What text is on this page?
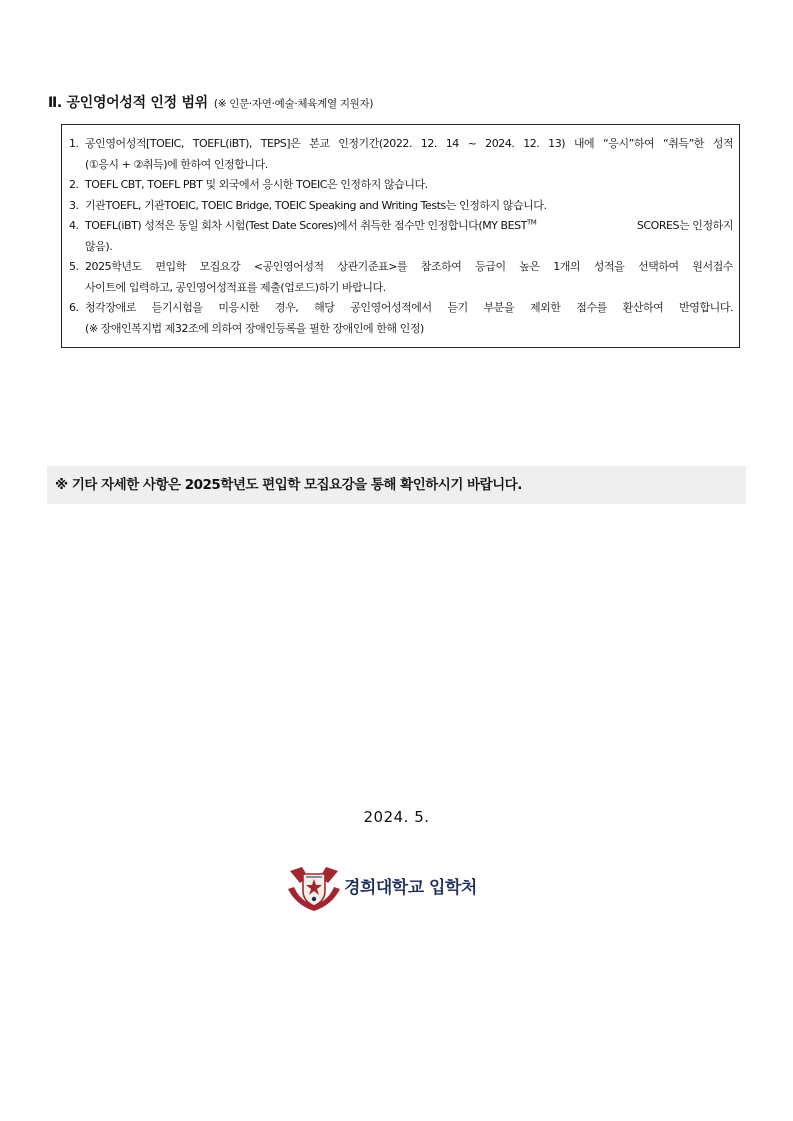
Ⅱ. 공인영어성적 인정 범위 (※ 인문·자연·예술·체육계열 지원자)
1. 공인영어성적[TOEIC, TOEFL(iBT), TEPS]은 본교 인정기간(2022. 12. 14 ~ 2024. 12. 13) 내에 “응시”하여 “취득”한 성적
(①응시 + ②취득)에 한하여 인정합니다.
2. TOEFL CBT, TOEFL PBT 및 외국에서 응시한 TOEIC은 인정하지 않습니다.
3. 기관TOEFL, 기관TOEIC, TOEIC Bridge, TOEIC Speaking and Writing Tests는 인정하지 않습니다.
4. TOEFL(iBT) 성적은 동일 회차 시험(Test Date Scores)에서 취득한 점수만 인정합니다(MY BEST™	SCORES는 인정하지
않음).
5. 2025학년도 편입학 모집요강 <공인영어성적 상관기준표>를 참조하여 등급이 높은 1개의 성적을 선택하여 원서접수
사이트에 입력하고, 공인영어성적표를 제출(업로드)하기 바랍니다.
6. 청각장애로 듣기시험을 미응시한 경우, 해당 공인영어성적에서 듣기 부분을 제외한 점수를 환산하여 반영합니다.
(※ 장애인복지법 제32조에 의하여 장애인등록을 필한 장애인에 한해 인정)
※ 기타 자세한 사항은 2025학년도 편입학 모집요강을 통해 확인하시기 바랍니다.
2024. 5.
경희대학교 입학처
